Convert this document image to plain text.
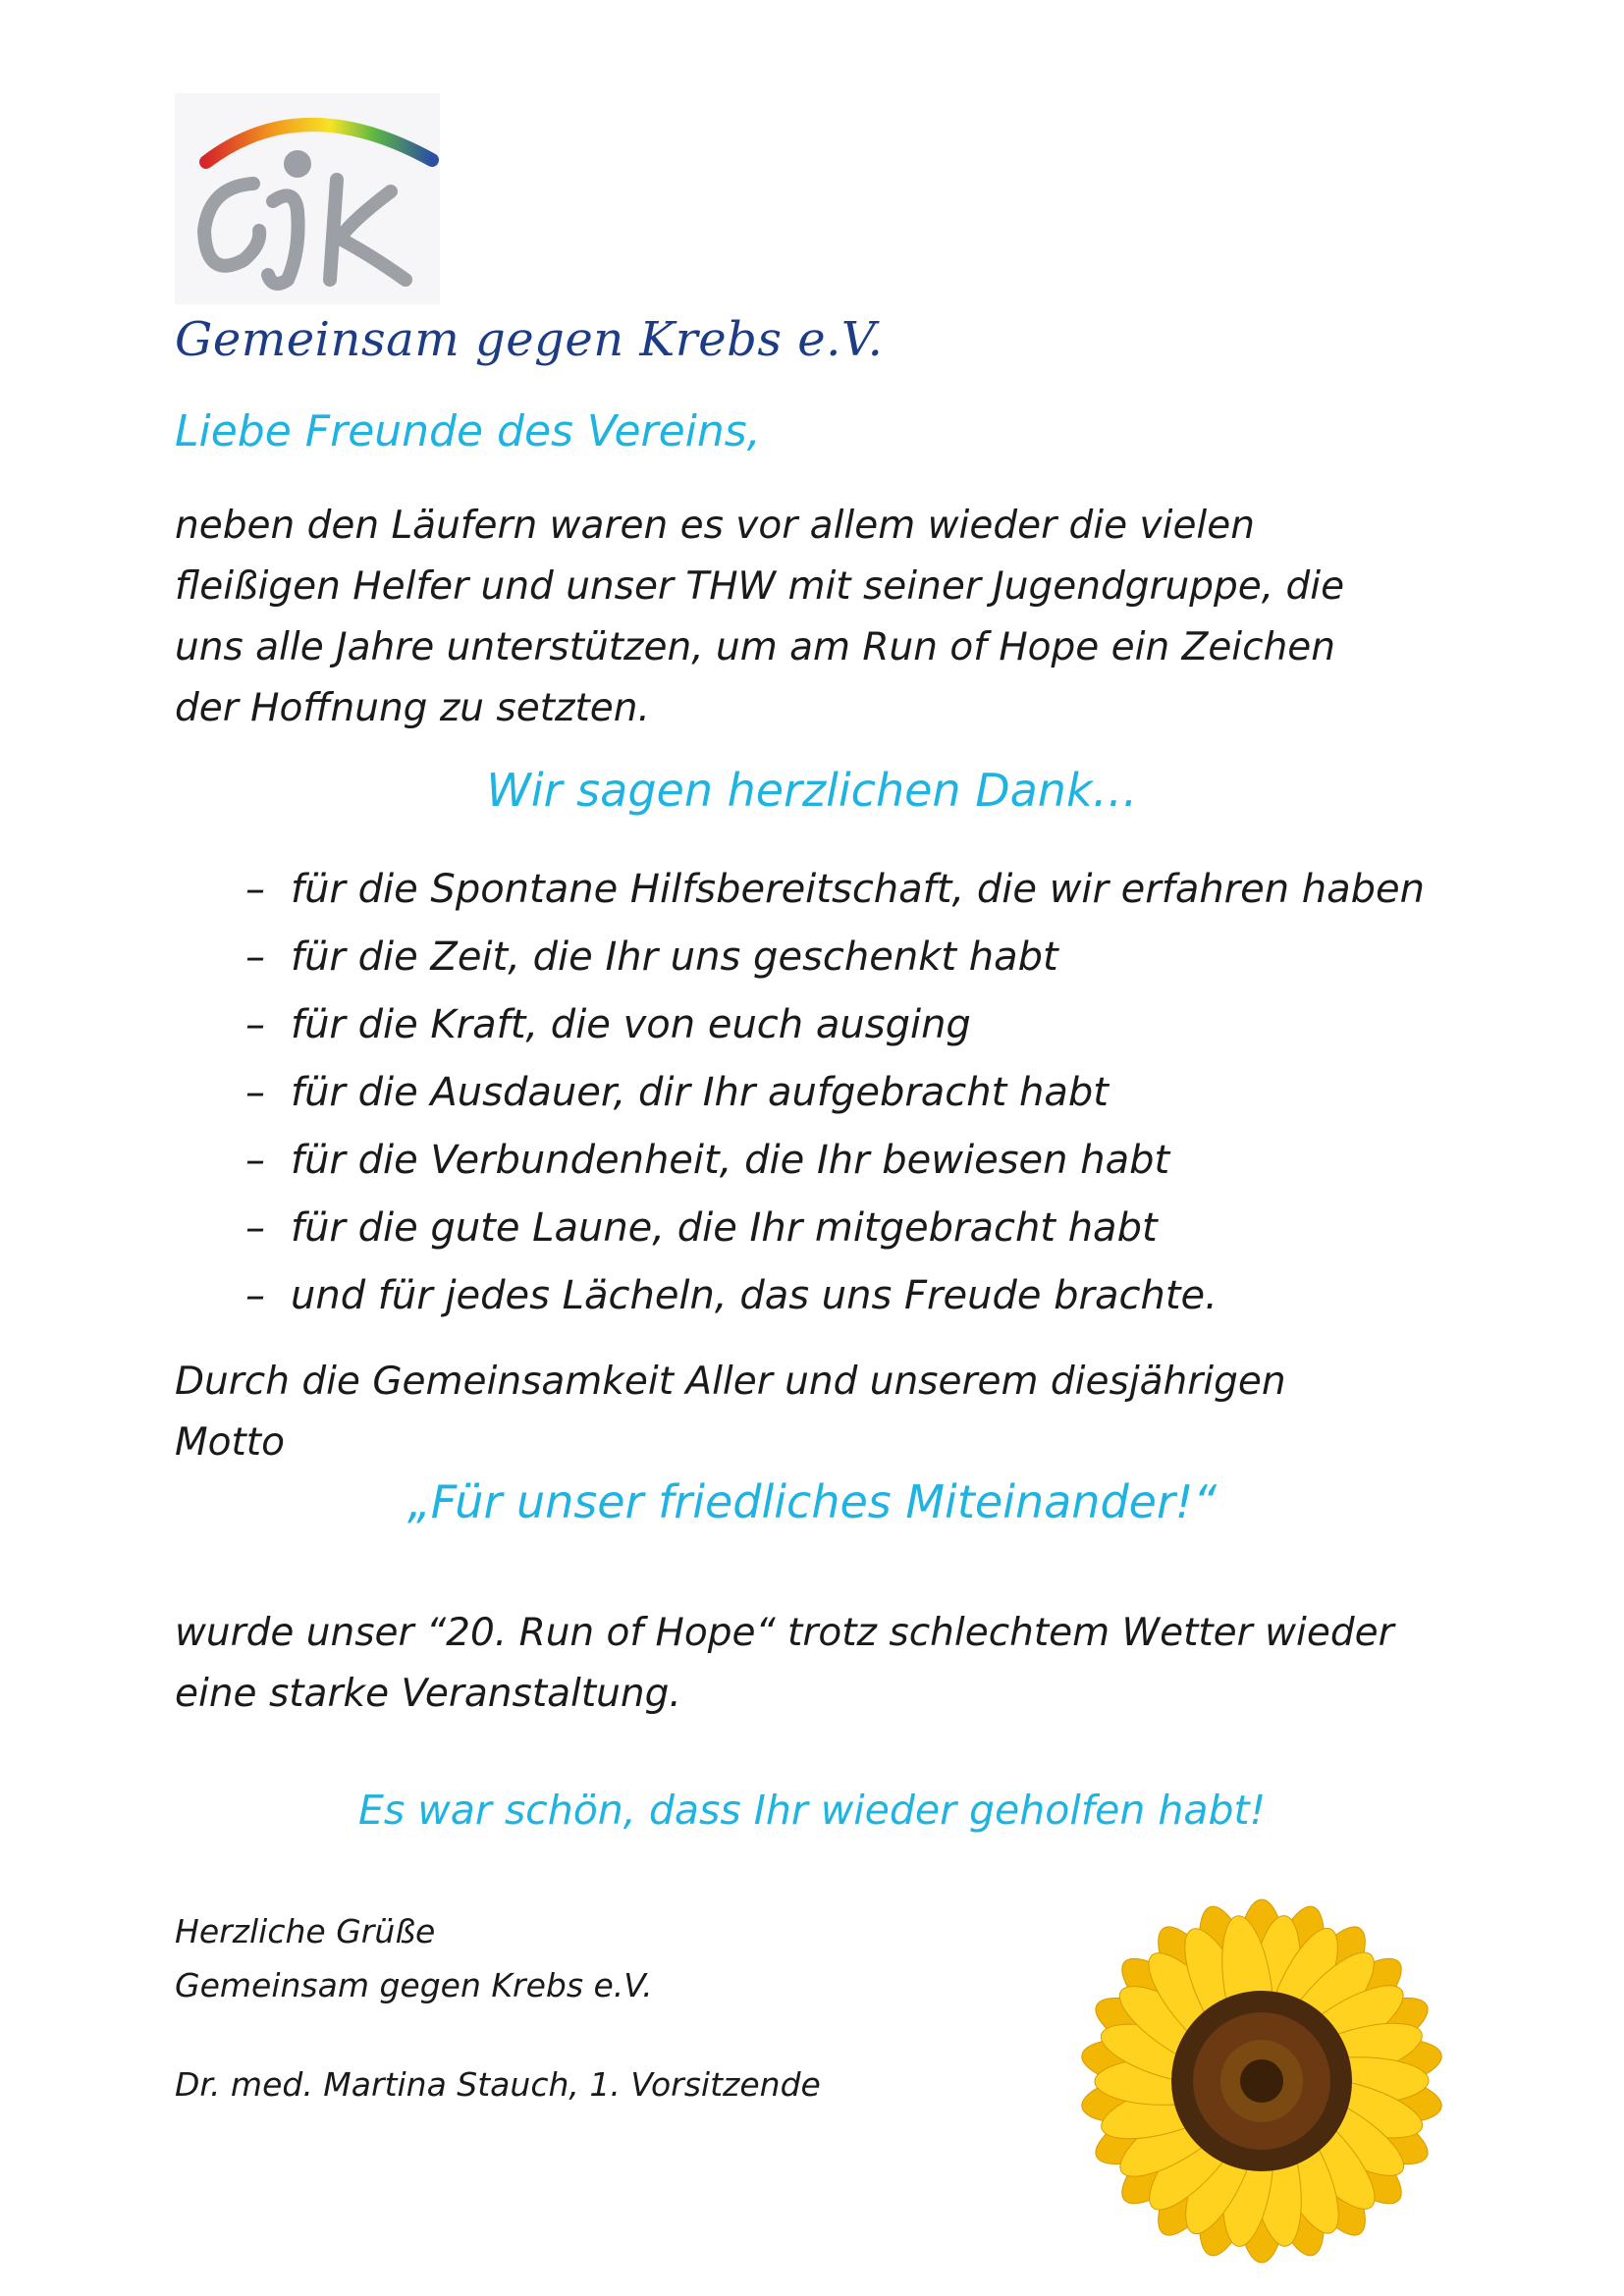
Gemeinsam gegen Krebs e.V.
Liebe Freunde des Vereins,
neben den Läufern waren es vor allem wieder die vielen
fleißigen Helfer und unser THW mit seiner Jugendgruppe, die
uns alle Jahre unterstützen, um am Run of Hope ein Zeichen
der Hoffnung zu setzten.
Wir sagen herzlichen Dank…
– für die Spontane Hilfsbereitschaft, die wir erfahren haben
– für die Zeit, die Ihr uns geschenkt habt
– für die Kraft, die von euch ausging
– für die Ausdauer, dir Ihr aufgebracht habt
– für die Verbundenheit, die Ihr bewiesen habt
– für die gute Laune, die Ihr mitgebracht habt
– und für jedes Lächeln, das uns Freude brachte.
Durch die Gemeinsamkeit Aller und unserem diesjährigen
Motto
„Für unser friedliches Miteinander!“
wurde unser “20. Run of Hope“ trotz schlechtem Wetter wieder
eine starke Veranstaltung.
Es war schön, dass Ihr wieder geholfen habt!
Herzliche Grüße
Gemeinsam gegen Krebs e.V.
Dr. med. Martina Stauch, 1. Vorsitzende
